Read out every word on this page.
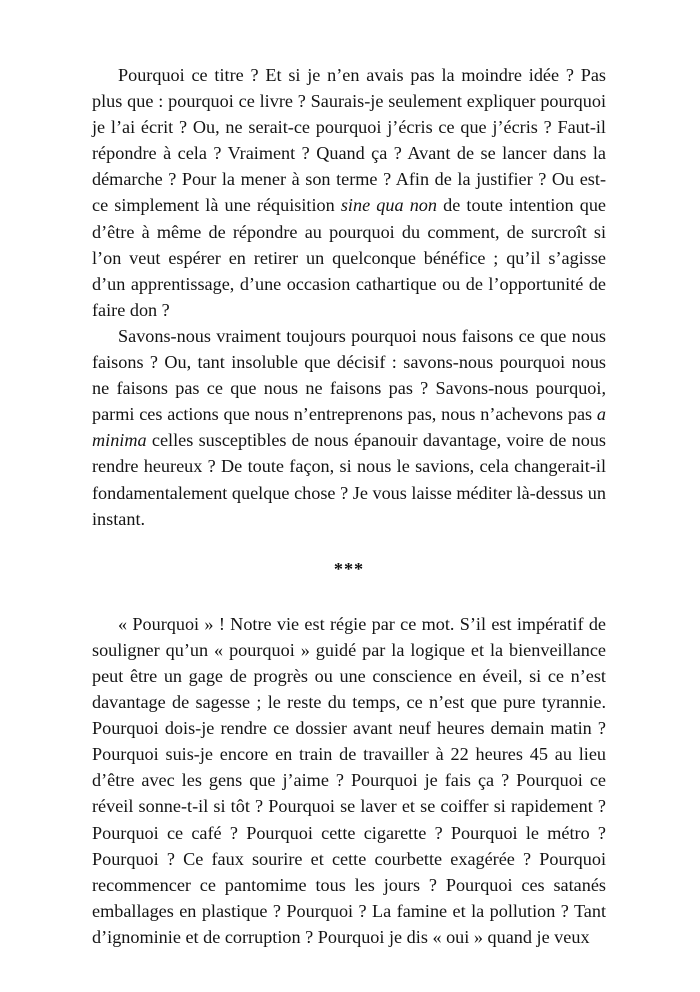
Pourquoi ce titre ? Et si je n’en avais pas la moindre idée ? Pas plus que : pourquoi ce livre ? Saurais-je seulement expliquer pourquoi je l’ai écrit ? Ou, ne serait-ce pourquoi j’écris ce que j’écris ? Faut-il répondre à cela ? Vraiment ? Quand ça ? Avant de se lancer dans la démarche ? Pour la mener à son terme ? Afin de la justifier ? Ou est-ce simplement là une réquisition sine qua non de toute intention que d’être à même de répondre au pourquoi du comment, de surcroît si l’on veut espérer en retirer un quelconque bénéfice ; qu’il s’agisse d’un apprentissage, d’une occasion cathartique ou de l’opportunité de faire don ?

Savons-nous vraiment toujours pourquoi nous faisons ce que nous faisons ? Ou, tant insoluble que décisif : savons-nous pourquoi nous ne faisons pas ce que nous ne faisons pas ? Savons-nous pourquoi, parmi ces actions que nous n’entreprenons pas, nous n’achevons pas a minima celles susceptibles de nous épanouir davantage, voire de nous rendre heureux ? De toute façon, si nous le savions, cela changerait-il fondamentalement quelque chose ? Je vous laisse méditer là-dessus un instant.

***

« Pourquoi » ! Notre vie est régie par ce mot. S’il est impératif de souligner qu’un « pourquoi » guidé par la logique et la bienveillance peut être un gage de progrès ou une conscience en éveil, si ce n’est davantage de sagesse ; le reste du temps, ce n’est que pure tyrannie. Pourquoi dois-je rendre ce dossier avant neuf heures demain matin ? Pourquoi suis-je encore en train de travailler à 22 heures 45 au lieu d’être avec les gens que j’aime ? Pourquoi je fais ça ? Pourquoi ce réveil sonne-t-il si tôt ? Pourquoi se laver et se coiffer si rapidement ? Pourquoi ce café ? Pourquoi cette cigarette ? Pourquoi le métro ? Pourquoi ? Ce faux sourire et cette courbette exagérée ? Pourquoi recommencer ce pantomime tous les jours ? Pourquoi ces satanés emballages en plastique ? Pourquoi ? La famine et la pollution ? Tant d’ignominie et de corruption ? Pourquoi je dis « oui » quand je veux
